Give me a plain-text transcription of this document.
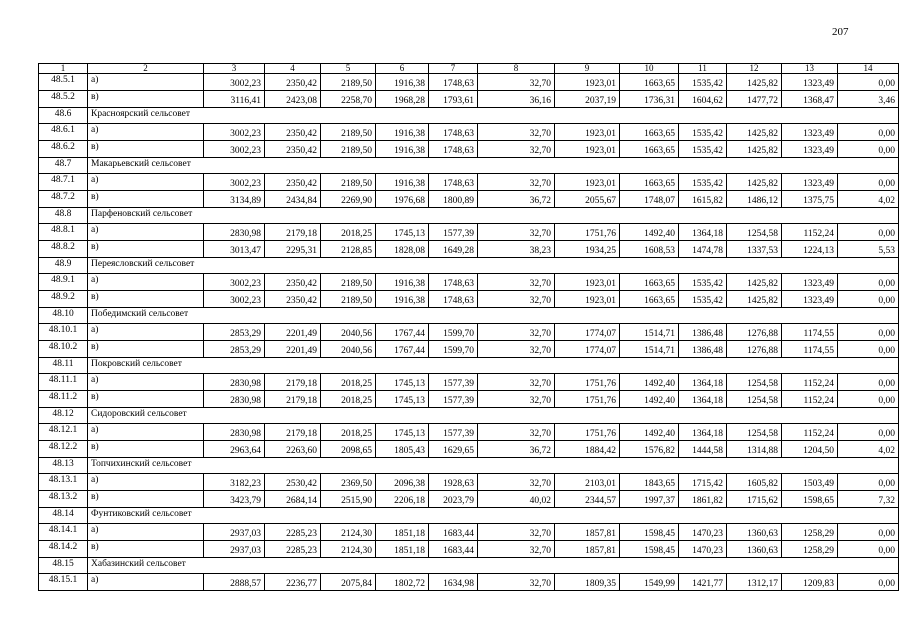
207
1	2	3	4	5	6	7	8	9	10	11	12	13	14
48.5.1	а)	3002,23	2350,42	2189,50	1916,38	1748,63	32,70	1923,01	1663,65	1535,42	1425,82	1323,49	0,00
48.5.2	в)	3116,41	2423,08	2258,70	1968,28	1793,61	36,16	2037,19	1736,31	1604,62	1477,72	1368,47	3,46
48.6	Красноярский сельсовет												
48.6.1	а)	3002,23	2350,42	2189,50	1916,38	1748,63	32,70	1923,01	1663,65	1535,42	1425,82	1323,49	0,00
48.6.2	в)	3002,23	2350,42	2189,50	1916,38	1748,63	32,70	1923,01	1663,65	1535,42	1425,82	1323,49	0,00
48.7	Макарьевский сельсовет												
48.7.1	а)	3002,23	2350,42	2189,50	1916,38	1748,63	32,70	1923,01	1663,65	1535,42	1425,82	1323,49	0,00
48.7.2	в)	3134,89	2434,84	2269,90	1976,68	1800,89	36,72	2055,67	1748,07	1615,82	1486,12	1375,75	4,02
48.8	Парфеновский сельсовет												
48.8.1	а)	2830,98	2179,18	2018,25	1745,13	1577,39	32,70	1751,76	1492,40	1364,18	1254,58	1152,24	0,00
48.8.2	в)	3013,47	2295,31	2128,85	1828,08	1649,28	38,23	1934,25	1608,53	1474,78	1337,53	1224,13	5,53
48.9	Переясловский сельсовет												
48.9.1	а)	3002,23	2350,42	2189,50	1916,38	1748,63	32,70	1923,01	1663,65	1535,42	1425,82	1323,49	0,00
48.9.2	в)	3002,23	2350,42	2189,50	1916,38	1748,63	32,70	1923,01	1663,65	1535,42	1425,82	1323,49	0,00
48.10	Победимский сельсовет												
48.10.1	а)	2853,29	2201,49	2040,56	1767,44	1599,70	32,70	1774,07	1514,71	1386,48	1276,88	1174,55	0,00
48.10.2	в)	2853,29	2201,49	2040,56	1767,44	1599,70	32,70	1774,07	1514,71	1386,48	1276,88	1174,55	0,00
48.11	Покровский сельсовет												
48.11.1	а)	2830,98	2179,18	2018,25	1745,13	1577,39	32,70	1751,76	1492,40	1364,18	1254,58	1152,24	0,00
48.11.2	в)	2830,98	2179,18	2018,25	1745,13	1577,39	32,70	1751,76	1492,40	1364,18	1254,58	1152,24	0,00
48.12	Сидоровский сельсовет												
48.12.1	а)	2830,98	2179,18	2018,25	1745,13	1577,39	32,70	1751,76	1492,40	1364,18	1254,58	1152,24	0,00
48.12.2	в)	2963,64	2263,60	2098,65	1805,43	1629,65	36,72	1884,42	1576,82	1444,58	1314,88	1204,50	4,02
48.13	Топчихинский сельсовет												
48.13.1	а)	3182,23	2530,42	2369,50	2096,38	1928,63	32,70	2103,01	1843,65	1715,42	1605,82	1503,49	0,00
48.13.2	в)	3423,79	2684,14	2515,90	2206,18	2023,79	40,02	2344,57	1997,37	1861,82	1715,62	1598,65	7,32
48.14	Фунтиковский сельсовет												
48.14.1	а)	2937,03	2285,23	2124,30	1851,18	1683,44	32,70	1857,81	1598,45	1470,23	1360,63	1258,29	0,00
48.14.2	в)	2937,03	2285,23	2124,30	1851,18	1683,44	32,70	1857,81	1598,45	1470,23	1360,63	1258,29	0,00
48.15	Хабазинский сельсовет												
48.15.1	а)	2888,57	2236,77	2075,84	1802,72	1634,98	32,70	1809,35	1549,99	1421,77	1312,17	1209,83	0,00
